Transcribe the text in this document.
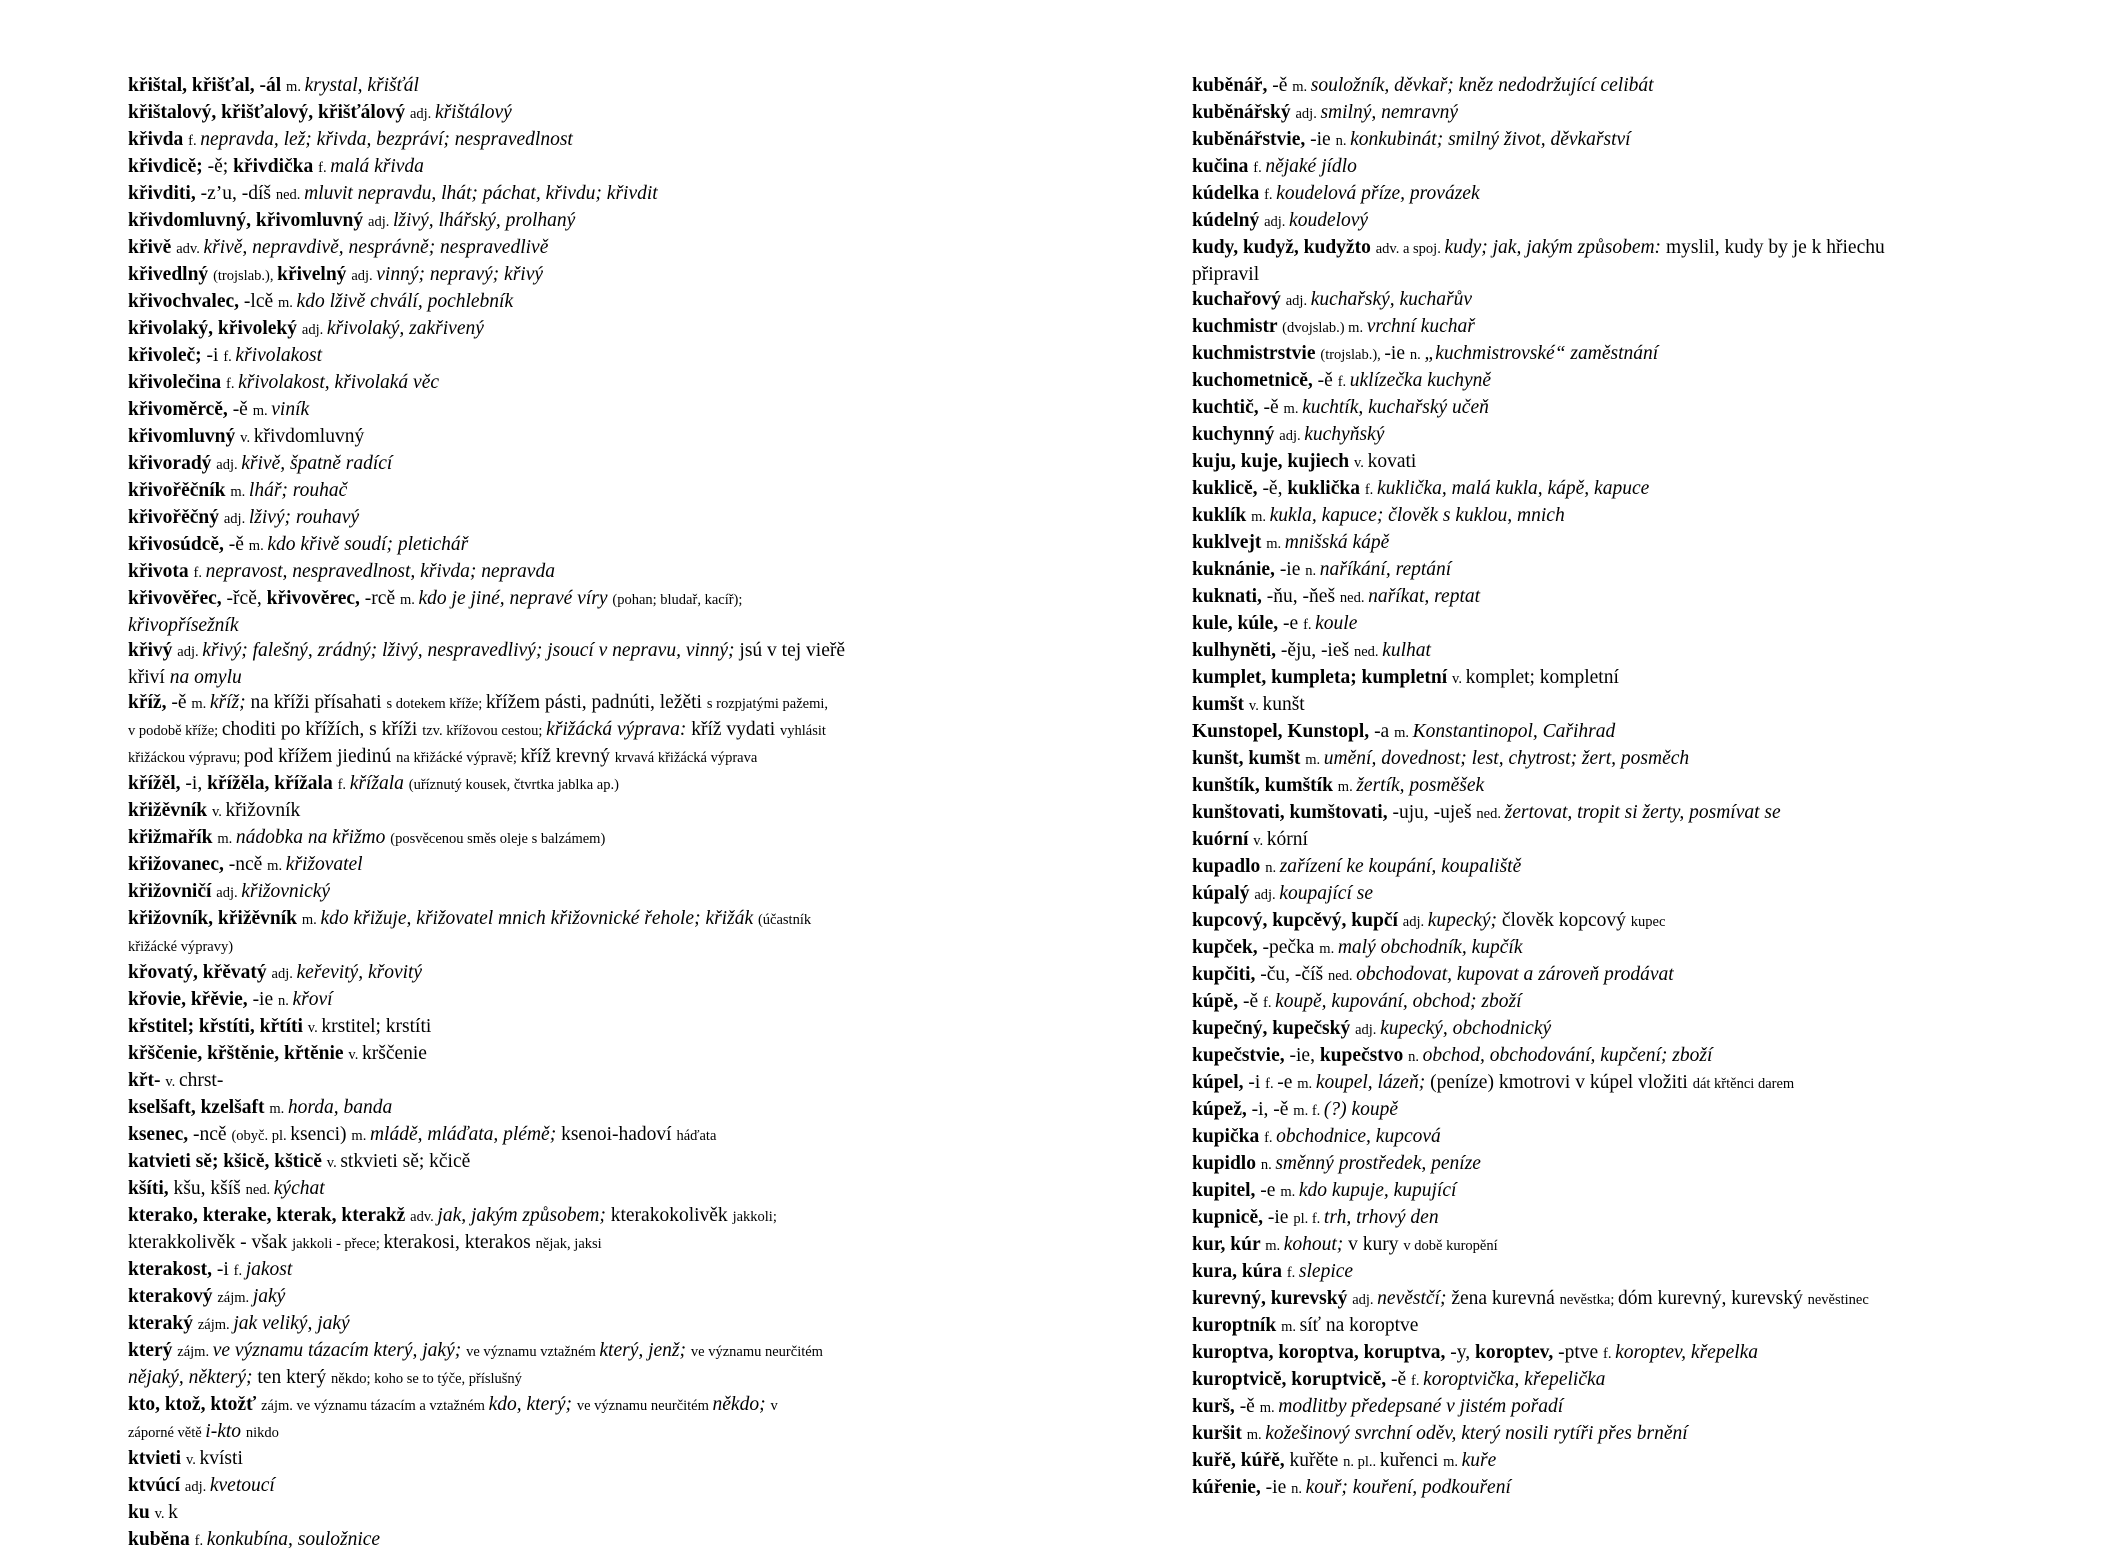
křištal, křišťal, -ál m. krystal, křišťál
křištalový, křišťalový, křišťálový adj. křištálový
křivda f. nepravda, lež; křivda, bezpráví; nespravedlnost
křivdicě; -ě; křivdička f. malá křivda
křivditi, -z’u, -díš ned. mluvit nepravdu, lhát; páchat, křivdu; křivdit
křivdomluvný, křivomluvný adj. lživý, lhářský, prolhaný
křivě adv. křivě, nepravdivě, nesprávně; nespravedlivě
křivedlný (trojslab.), křivelný adj. vinný; nepravý; křivý
křivochvalec, -lcě m. kdo lživě chválí, pochlebník
křivolaký, křivoleký adj. křivolaký, zakřivený
křivoleč; -i f. křivolakost
křivolečina f. křivolakost, křivolaká věc
křivoměrcě, -ě m. viník
křivomluvný v. křivdomluvný
křivoradý adj. křivě, špatně radící
křivořěčník m. lhář; rouhač
křivořěčný adj. lživý; rouhavý
křivosúdcě, -ě m. kdo křivě soudí; pletichář
křivota f. nepravost, nespravedlnost, křivda; nepravda
křivověřec, -řcě, křivověrec, -rcě m. kdo je jiné, nepravé víry (pohan; bludař, kacíř);
křivopřísežník
křivý adj. křivý; falešný, zrádný; lživý, nespravedlivý; jsoucí v nepravu, vinný; jsú v tej vieřě
křiví na omylu
kříž, -ě m. kříž; na kříži přísahati s dotekem kříže; křížem pásti, padnúti, ležěti s rozpjatými pažemi,
v podobě kříže; choditi po křížích, s kříži tzv. křížovou cestou; křižácká výprava: kříž vydati vyhlásit
křižáckou výpravu; pod křížem jiedinú na křižácké výpravě; kříž krevný krvavá křižácká výprava
křížěl, -i, křížěla, křížala f. křížala (uříznutý kousek, čtvrtka jablka ap.)
křižěvník v. křižovník
křižmařík m. nádobka na křižmo (posvěcenou směs oleje s balzámem)
křižovanec, -ncě m. křižovatel
křižovničí adj. křižovnický
křižovník, křižěvník m. kdo křižuje, křižovatel mnich křižovnické řehole; křižák (účastník
křižácké výpravy)
křovatý, křěvatý adj. keřevitý, křovitý
křovie, křěvie, -ie n. křoví
křstitel; křstíti, křtíti v. krstitel; krstíti
křščenie, křštěnie, křtěnie v. krščenie
křt- v. chrst-
kselšaft, kzelšaft m. horda, banda
ksenec, -ncě (obyč. pl. ksenci) m. mládě, mláďata, plémě; ksenoi-hadoví háďata
katvieti sě; kšicě, kšticě v. stkvieti sě; kčicě
kšíti, kšu, kšíš ned. kýchat
kterako, kterake, kterak, kterakž adv. jak, jakým způsobem; kterakokolivěk jakkoli;
kterakkolivěk - však jakkoli - přece; kterakosi, kterakos nějak, jaksi
kterakost, -i f. jakost
kterakový zájm. jaký
kteraký zájm. jak veliký, jaký
který zájm. ve významu tázacím který, jaký; ve významu vztažném který, jenž; ve významu neurčitém
nějaký, některý; ten který někdo; koho se to týče, příslušný
kto, ktož, ktožť zájm. ve významu tázacím a vztažném kdo, který; ve významu neurčitém někdo; v
záporné větě i-kto nikdo
ktvieti v. kvísti
ktvúcí adj. kvetoucí
ku v. k
kuběna f. konkubína, souložnice
kuběnář, -ě m. souložník, děvkař; kněz nedodržující celibát
kuběnářský adj. smilný, nemravný
kuběnářstvie, -ie n. konkubinát; smilný život, děvkařství
kučina f. nějaké jídlo
kúdelka f. koudelová příze, provázek
kúdelný adj. koudelový
kudy, kudyž, kudyžto adv. a spoj. kudy; jak, jakým způsobem: myslil, kudy by je k hřiechu
připravil
kuchařový adj. kuchařský, kuchařův
kuchmistr (dvojslab.) m. vrchní kuchař
kuchmistrstvie (trojslab.), -ie n. „kuchmistrovské“ zaměstnání
kuchometnicě, -ě f. uklízečka kuchyně
kuchtič, -ě m. kuchtík, kuchařský učeň
kuchynný adj. kuchyňský
kuju, kuje, kujiech v. kovati
kuklicě, -ě, kuklička f. kuklička, malá kukla, kápě, kapuce
kuklík m. kukla, kapuce; člověk s kuklou, mnich
kuklvejt m. mnišská kápě
kuknánie, -ie n. naříkání, reptání
kuknati, -ňu, -ňeš ned. naříkat, reptat
kule, kúle, -e f. koule
kulhyněti, -ěju, -ieš ned. kulhat
kumplet, kumpleta; kumpletní v. komplet; kompletní
kumšt v. kunšt
Kunstopel, Kunstopl, -a m. Konstantinopol, Cařihrad
kunšt, kumšt m. umění, dovednost; lest, chytrost; žert, posměch
kunštík, kumštík m. žertík, posměšek
kunštovati, kumštovati, -uju, -uješ ned. žertovat, tropit si žerty, posmívat se
kuórní v. kórní
kupadlo n. zařízení ke koupání, koupaliště
kúpalý adj. koupající se
kupcový, kupcěvý, kupčí adj. kupecký; člověk kopcový kupec
kupček, -pečka m. malý obchodník, kupčík
kupčiti, -ču, -číš ned. obchodovat, kupovat a zároveň prodávat
kúpě, -ě f. koupě, kupování, obchod; zboží
kupečný, kupečský adj. kupecký, obchodnický
kupečstvie, -ie, kupečstvo n. obchod, obchodování, kupčení; zboží
kúpel, -i f. -e m. koupel, lázeň; (peníze) kmotrovi v kúpel vložiti dát křtěnci darem
kúpež, -i, -ě m. f. (?) koupě
kupička f. obchodnice, kupcová
kupidlo n. směnný prostředek, peníze
kupitel, -e m. kdo kupuje, kupující
kupnicě, -ie pl. f. trh, trhový den
kur, kúr m. kohout; v kury v době kuropění
kura, kúra f. slepice
kurevný, kurevský adj. nevěstčí; žena kurevná nevěstka; dóm kurevný, kurevský nevěstinec
kuroptník m. síť na koroptve
kuroptva, koroptva, koruptva, -y, koroptev, -ptve f. koroptev, křepelka
kuroptvicě, koruptvicě, -ě f. koroptvička, křepelička
kurš, -ě m. modlitby předepsané v jistém pořadí
kuršit m. kožešinový svrchní oděv, který nosili rytíři přes brnění
kuřě, kúřě, kuřěte n. pl.. kuřenci m. kuře
kúřenie, -ie n. kouř; kouření, podkouření
